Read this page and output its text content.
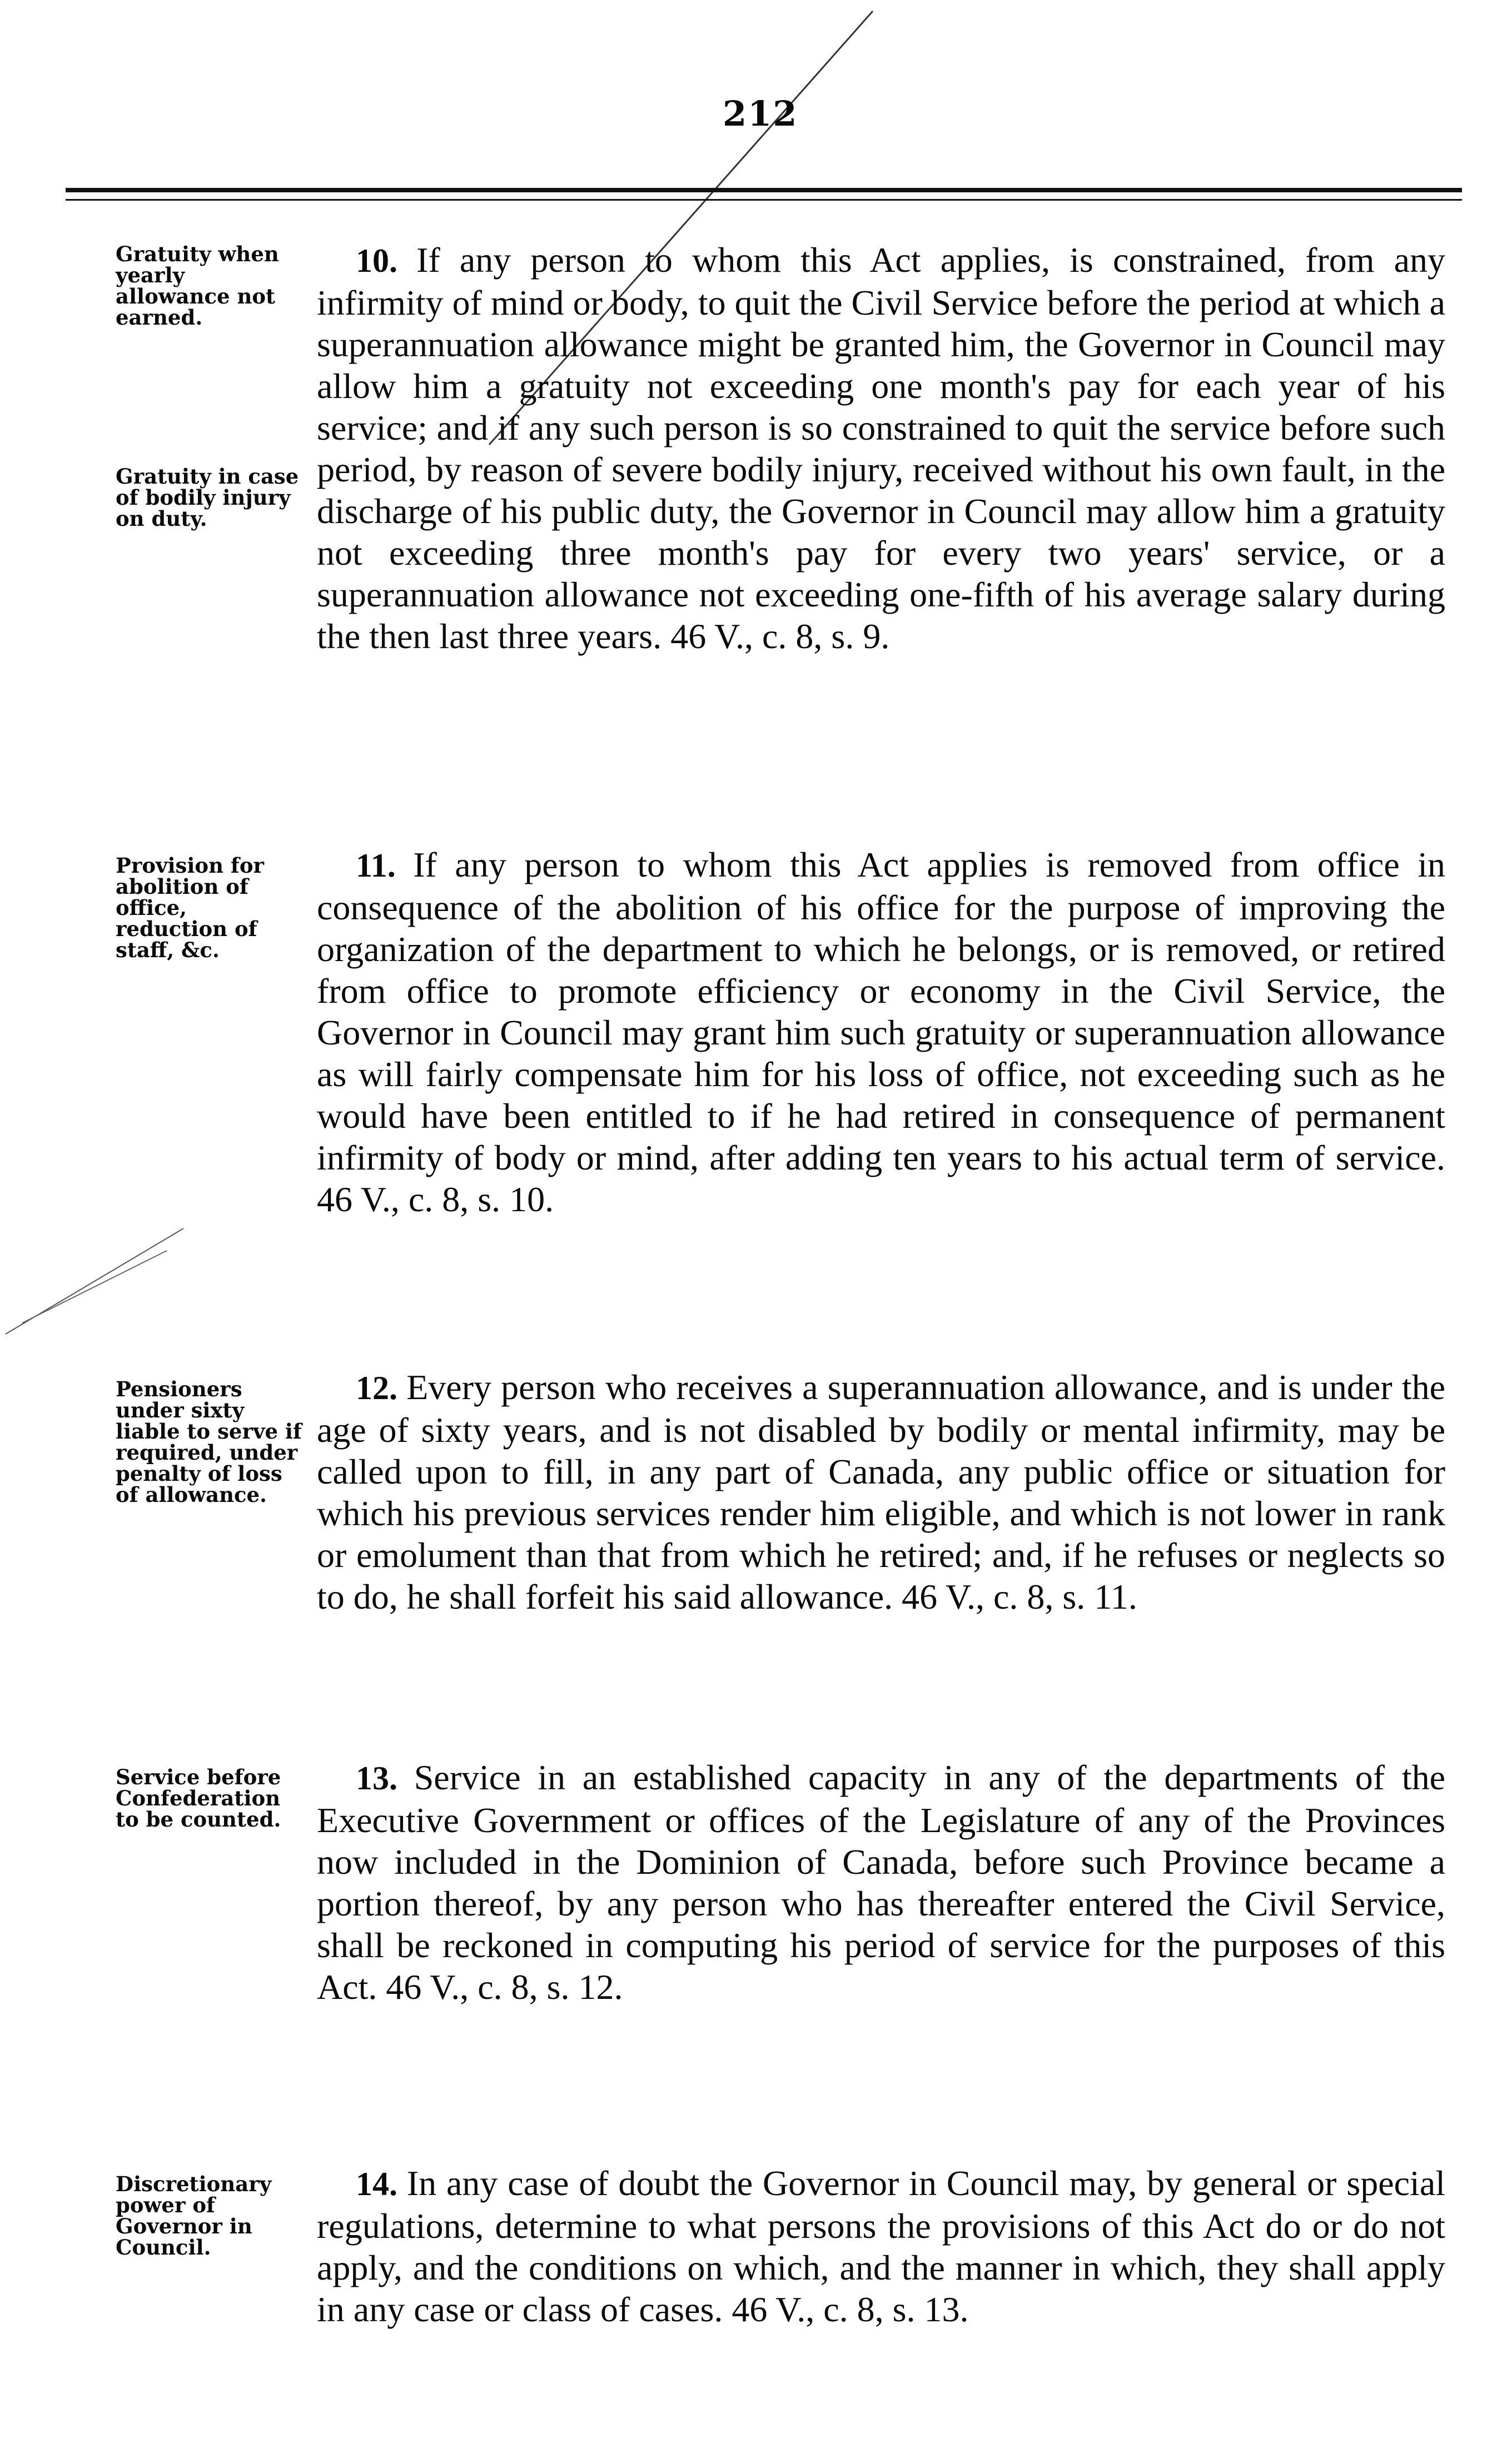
212
Gratuity when yearly allowance not earned.
Gratuity in case of bodily injury on duty.
10. If any person to whom this Act applies, is constrained, from any infirmity of mind or body, to quit the Civil Service before the period at which a superannuation allowance might be granted him, the Governor in Council may allow him a gratuity not exceeding one month's pay for each year of his service; and if any such person is so constrained to quit the service before such period, by reason of severe bodily injury, received without his own fault, in the discharge of his public duty, the Governor in Council may allow him a gratuity not exceeding three month's pay for every two years' service, or a superannuation allowance not exceeding one-fifth of his average salary during the then last three years. 46 V., c. 8, s. 9.
Provision for abolition of office, reduction of staff, &c.
11. If any person to whom this Act applies is removed from office in consequence of the abolition of his office for the purpose of improving the organization of the department to which he belongs, or is removed, or retired from office to promote efficiency or economy in the Civil Service, the Governor in Council may grant him such gratuity or superannuation allowance as will fairly compensate him for his loss of office, not exceeding such as he would have been entitled to if he had retired in consequence of permanent infirmity of body or mind, after adding ten years to his actual term of service. 46 V., c. 8, s. 10.
Pensioners under sixty liable to serve if required, under penalty of loss of allowance.
12. Every person who receives a superannuation allowance, and is under the age of sixty years, and is not disabled by bodily or mental infirmity, may be called upon to fill, in any part of Canada, any public office or situation for which his previous services render him eligible, and which is not lower in rank or emolument than that from which he retired; and, if he refuses or neglects so to do, he shall forfeit his said allowance. 46 V., c. 8, s. 11.
Service before Confederation to be counted.
13. Service in an established capacity in any of the departments of the Executive Government or offices of the Legislature of any of the Provinces now included in the Dominion of Canada, before such Province became a portion thereof, by any person who has thereafter entered the Civil Service, shall be reckoned in computing his period of service for the purposes of this Act. 46 V., c. 8, s. 12.
Discretionary power of Governor in Council.
14. In any case of doubt the Governor in Council may, by general or special regulations, determine to what persons the provisions of this Act do or do not apply, and the conditions on which, and the manner in which, they shall apply in any case or class of cases. 46 V., c. 8, s. 13.
